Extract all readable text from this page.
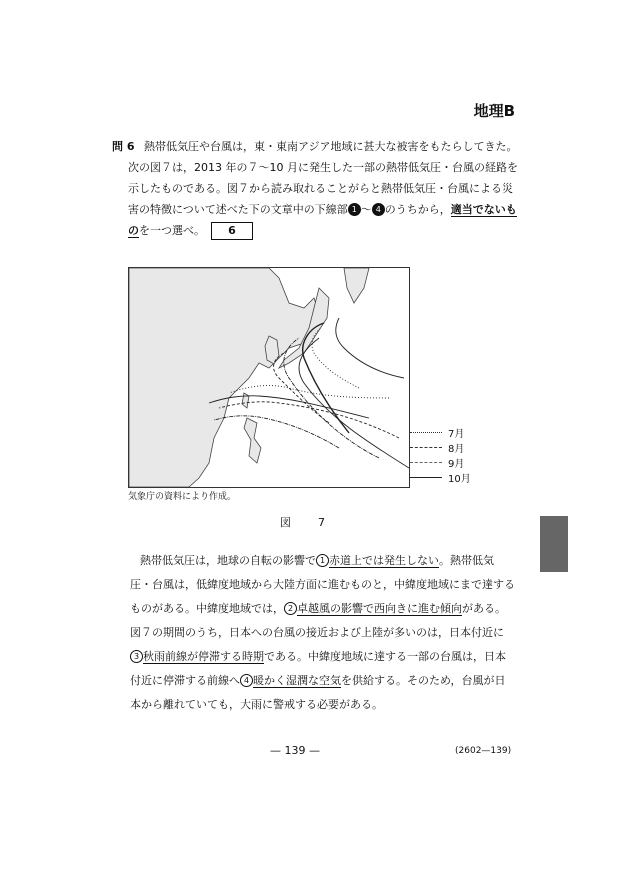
地理B
問 6 熱帯低気圧や台風は，東・東南アジア地域に甚大な被害をもたらしてきた。
次の図７は，2013 年の７～10 月に発生した一部の熱帯低気圧・台風の経路を
示したものである。図７から読み取れることがらと熱帯低気圧・台風による災
害の特徴について述べた下の文章中の下線部 1 ～ 4 のうちから，適当でないも
のを一つ選べ。 6
7月
8月
9月
10月
気象庁の資料により作成。
図　7
熱帯低気圧は，地球の自転の影響で 1 赤道上では発生しない。熱帯低気
圧・台風は，低緯度地域から大陸方面に進むものと，中緯度地域にまで達する
ものがある。中緯度地域では， 2 卓越風の影響で西向きに進む傾向がある。
図７の期間のうち，日本への台風の接近および上陸が多いのは，日本付近に
3 秋雨前線が停滞する時期である。中緯度地域に達する一部の台風は，日本
付近に停滞する前線へ 4 暖かく湿潤な空気を供給する。そのため，台風が日
本から離れていても，大雨に警戒する必要がある。
— 139 —	(2602—139)
